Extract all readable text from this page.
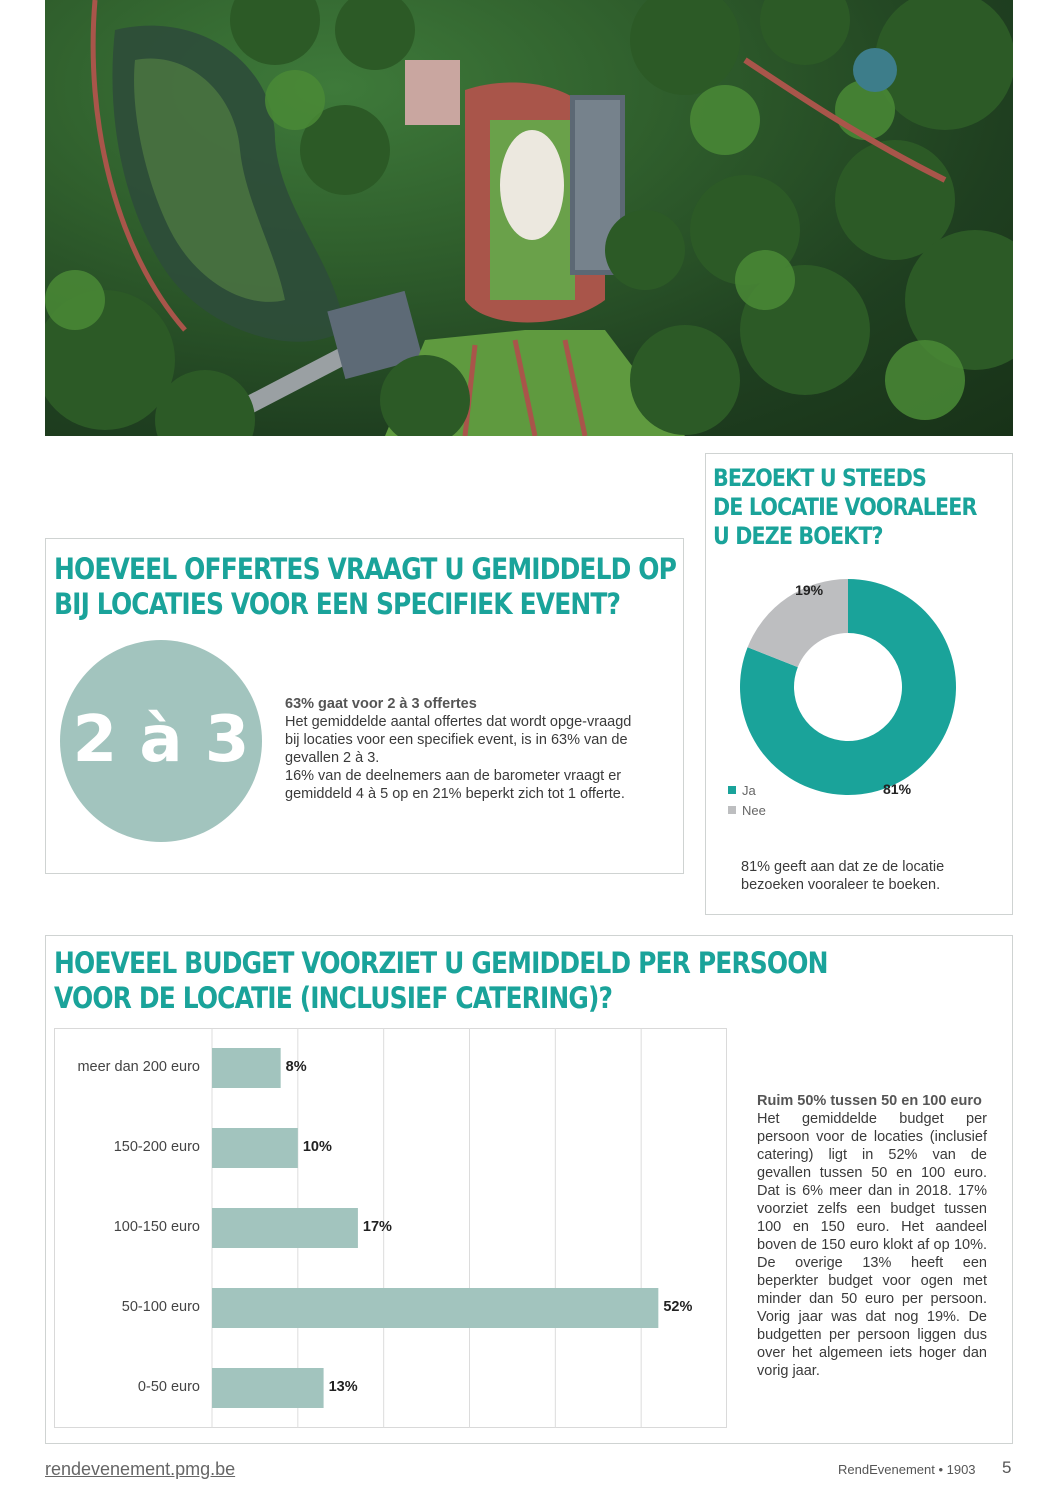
HOEVEEL OFFERTES VRAAGT U GEMIDDELD OP
BIJ LOCATIES VOOR EEN SPECIFIEK EVENT?
2 à 3	63% gaat voor 2 à 3 offertes
Het gemiddelde aantal offertes dat wordt opge-vraagd bij locaties voor een specifiek event, is in 63% van de gevallen 2 à 3.
16% van de deelnemers aan de barometer vraagt er gemiddeld 4 à 5 op en 21% beperkt zich tot 1 offerte.
BEZOEKT U STEEDS
DE LOCATIE VOORALEER
U DEZE BOEKT?
81%
19%
Ja
Nee
81% geeft aan dat ze de locatie bezoeken vooraleer te boeken.
HOEVEEL BUDGET VOORZIET U GEMIDDELD PER PERSOON
VOOR DE LOCATIE (INCLUSIEF CATERING)?
meer dan 200 euro	8%
150-200 euro	10%
100-150 euro	17%
50-100 euro	52%
0-50 euro	13%
Ruim 50% tussen 50 en 100 euro
Het gemiddelde budget per persoon voor de locaties (inclusief catering) ligt in 52% van de gevallen tussen 50 en 100 euro. Dat is 6% meer dan in 2018. 17% voorziet zelfs een budget tussen 100 en 150 euro. Het aandeel boven de 150 euro klokt af op 10%. De overige 13% heeft een beperkter budget voor ogen met minder dan 50 euro per persoon. Vorig jaar was dat nog 19%. De budgetten per persoon liggen dus over het algemeen iets hoger dan vorig jaar.
rendevenement.pmg.be	RendEvenement • 1903 5
